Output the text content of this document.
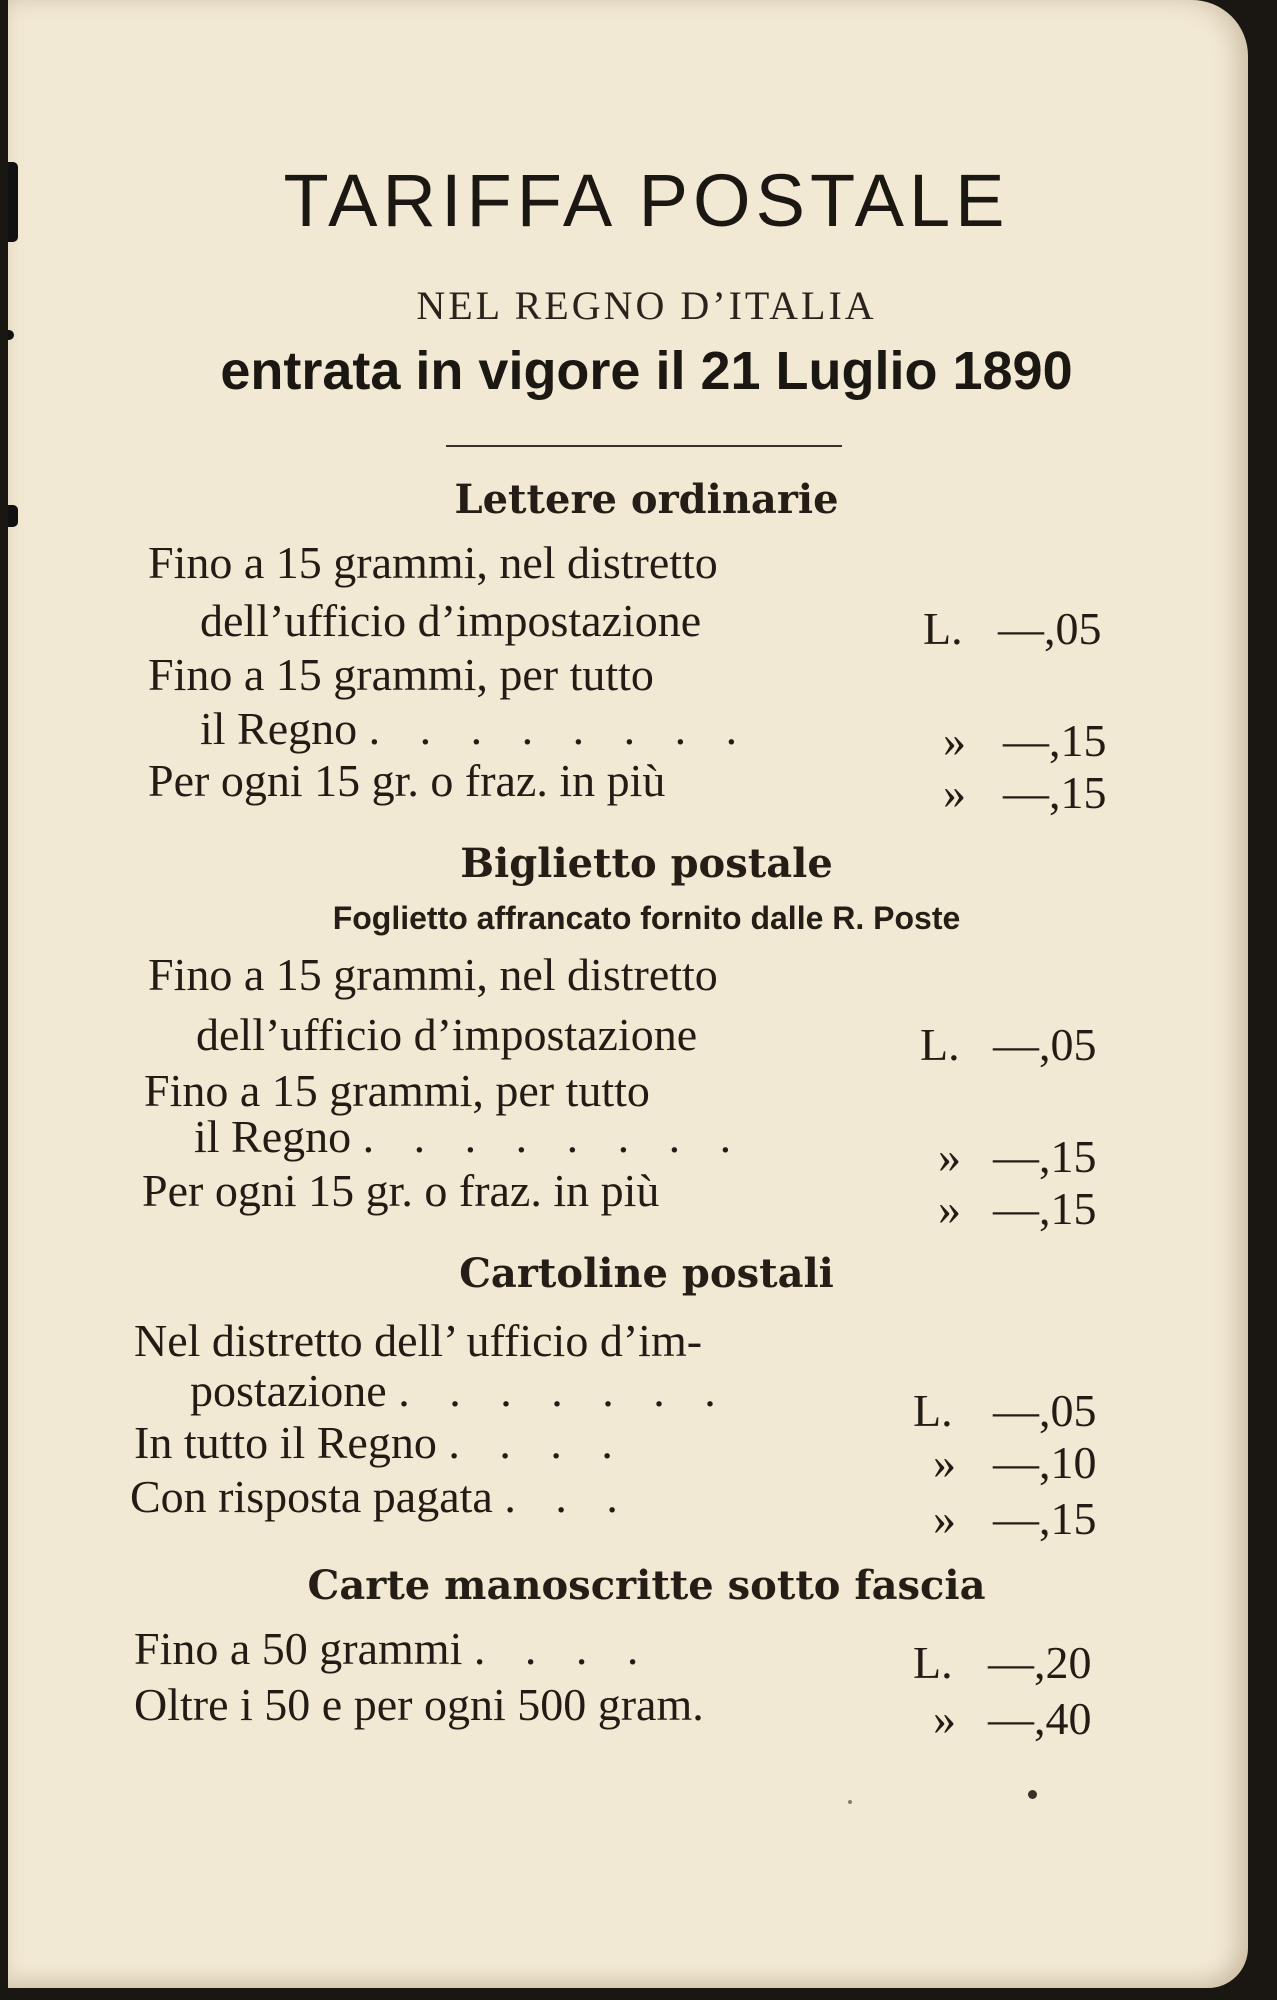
TARIFFA POSTALE
NEL REGNO D’ITALIA
entrata in vigore il 21 Luglio 1890
Lettere ordinarie
Fino a 15 grammi, nel distretto
dell’ufficio d’impostazione	L. —,05
Fino a 15 grammi, per tutto
il Regno . . . . . . . .	» —,15
Per ogni 15 gr. o fraz. in più	» —,15
Biglietto postale
Foglietto affrancato fornito dalle R. Poste
Fino a 15 grammi, nel distretto
dell’ufficio d’impostazione	L. —,05
Fino a 15 grammi, per tutto
il Regno . . . . . . . .	» —,15
Per ogni 15 gr. o fraz. in più	» —,15
Cartoline postali
Nel distretto dell’ ufficio d’im-
postazione . . . . . . .	L. —,05
In tutto il Regno . . . .	» —,10
Con risposta pagata . . .	» —,15
Carte manoscritte sotto fascia
Fino a 50 grammi . . . .	L. —,20
Oltre i 50 e per ogni 500 gram.	» —,40
